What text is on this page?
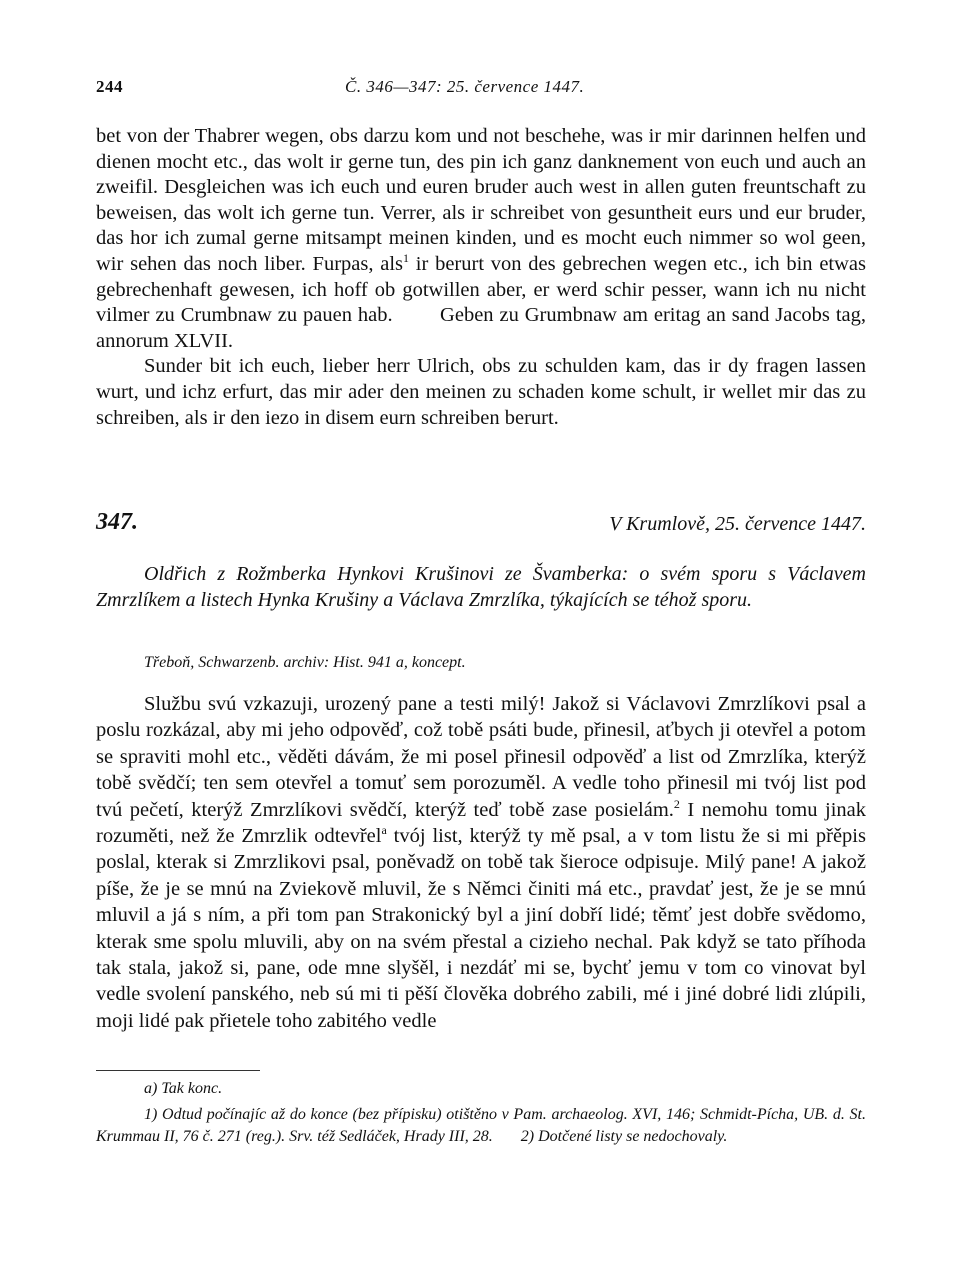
244	Č. 346—347: 25. července 1447.

bet von der Thabrer wegen, obs darzu kom und not beschehe, was ir mir darinnen helfen und dienen mocht etc., das wolt ir gerne tun, des pin ich ganz danknement von euch und auch an zweifil. Desgleichen was ich euch und euren bruder auch west in allen guten freuntschaft zu beweisen, das wolt ich gerne tun. Verrer, als ir schreibet von gesuntheit eurs und eur bruder, das hor ich zumal gerne mitsampt meinen kinden, und es mocht euch nimmer so wol geen, wir sehen das noch liber. Furpas, als$^1$ ir berurt von des gebrechen wegen etc., ich bin etwas gebrechenhaft gewesen, ich hoff ob gotwillen aber, er werd schir pesser, wann ich nu nicht vilmer zu Crumbnaw zu pauen hab. Geben zu Grumbnaw am eritag an sand Jacobs tag, annorum XLVII.

Sunder bit ich euch, lieber herr Ulrich, obs zu schulden kam, das ir dy fragen lassen wurt, und ichz erfurt, das mir ader den meinen zu schaden kome schult, ir wellet mir das zu schreiben, als ir den iezo in disem eurn schreiben berurt.

347.	V Krumlově, 25. července 1447.
Oldřich z Rožmberka Hynkovi Krušinovi ze Švamberka: o svém sporu s Václavem Zmrzlíkem a listech Hynka Krušiny a Václava Zmrzlíka, týkajících se téhož sporu.
Třeboň, Schwarzenb. archiv: Hist. 941 a, koncept.

Službu svú vzkazuji, urozený pane a testi milý! Jakož si Václavovi Zmrzlíkovi psal a poslu rozkázal, aby mi jeho odpověď, což tobě psáti bude, přinesil, aťbych ji otevřel a potom se spraviti mohl etc., věděti dávám, že mi posel přinesil odpověď a list od Zmrzlíka, kterýž tobě svědčí; ten sem otevřel a tomuť sem porozuměl. A vedle toho přinesil mi tvój list pod tvú pečetí, kterýž Zmrzlíkovi svědčí, kterýž teď tobě zase posielám.$^2$ I nemohu tomu jinak rozuměti, než že Zmrzlik odtevřel$^a$ tvój list, kterýž ty mě psal, a v tom listu že si mi přěpis poslal, kterak si Zmrzlikovi psal, poněvadž on tobě tak šieroce odpisuje. Milý pane! A jakož píše, že je se mnú na Zviekově mluvil, že s Němci činiti má etc., pravdať jest, že je se mnú mluvil a já s ním, a při tom pan Strakonický byl a jiní dobří lidé; těmť jest dobře svědomo, kterak sme spolu mluvili, aby on na svém přestal a cizieho nechal. Pak když se tato příhoda tak stala, jakož si, pane, ode mne slyšěl, i nezdáť mi se, bychť jemu v tom co vinovat byl vedle svolení panského, neb sú mi ti pěší člověka dobrého zabili, mé i jiné dobré lidi zlúpili, moji lidé pak přietele toho zabitého vedle

a) Tak konc.
1) Odtud počínajíc až do konce (bez přípisku) otištěno v Pam. archaeolog. XVI, 146; Schmidt-Pícha, UB. d. St. Krummau II, 76 č. 271 (reg.). Srv. též Sedláček, Hrady III, 28. 2) Dotčené listy se nedochovaly.
